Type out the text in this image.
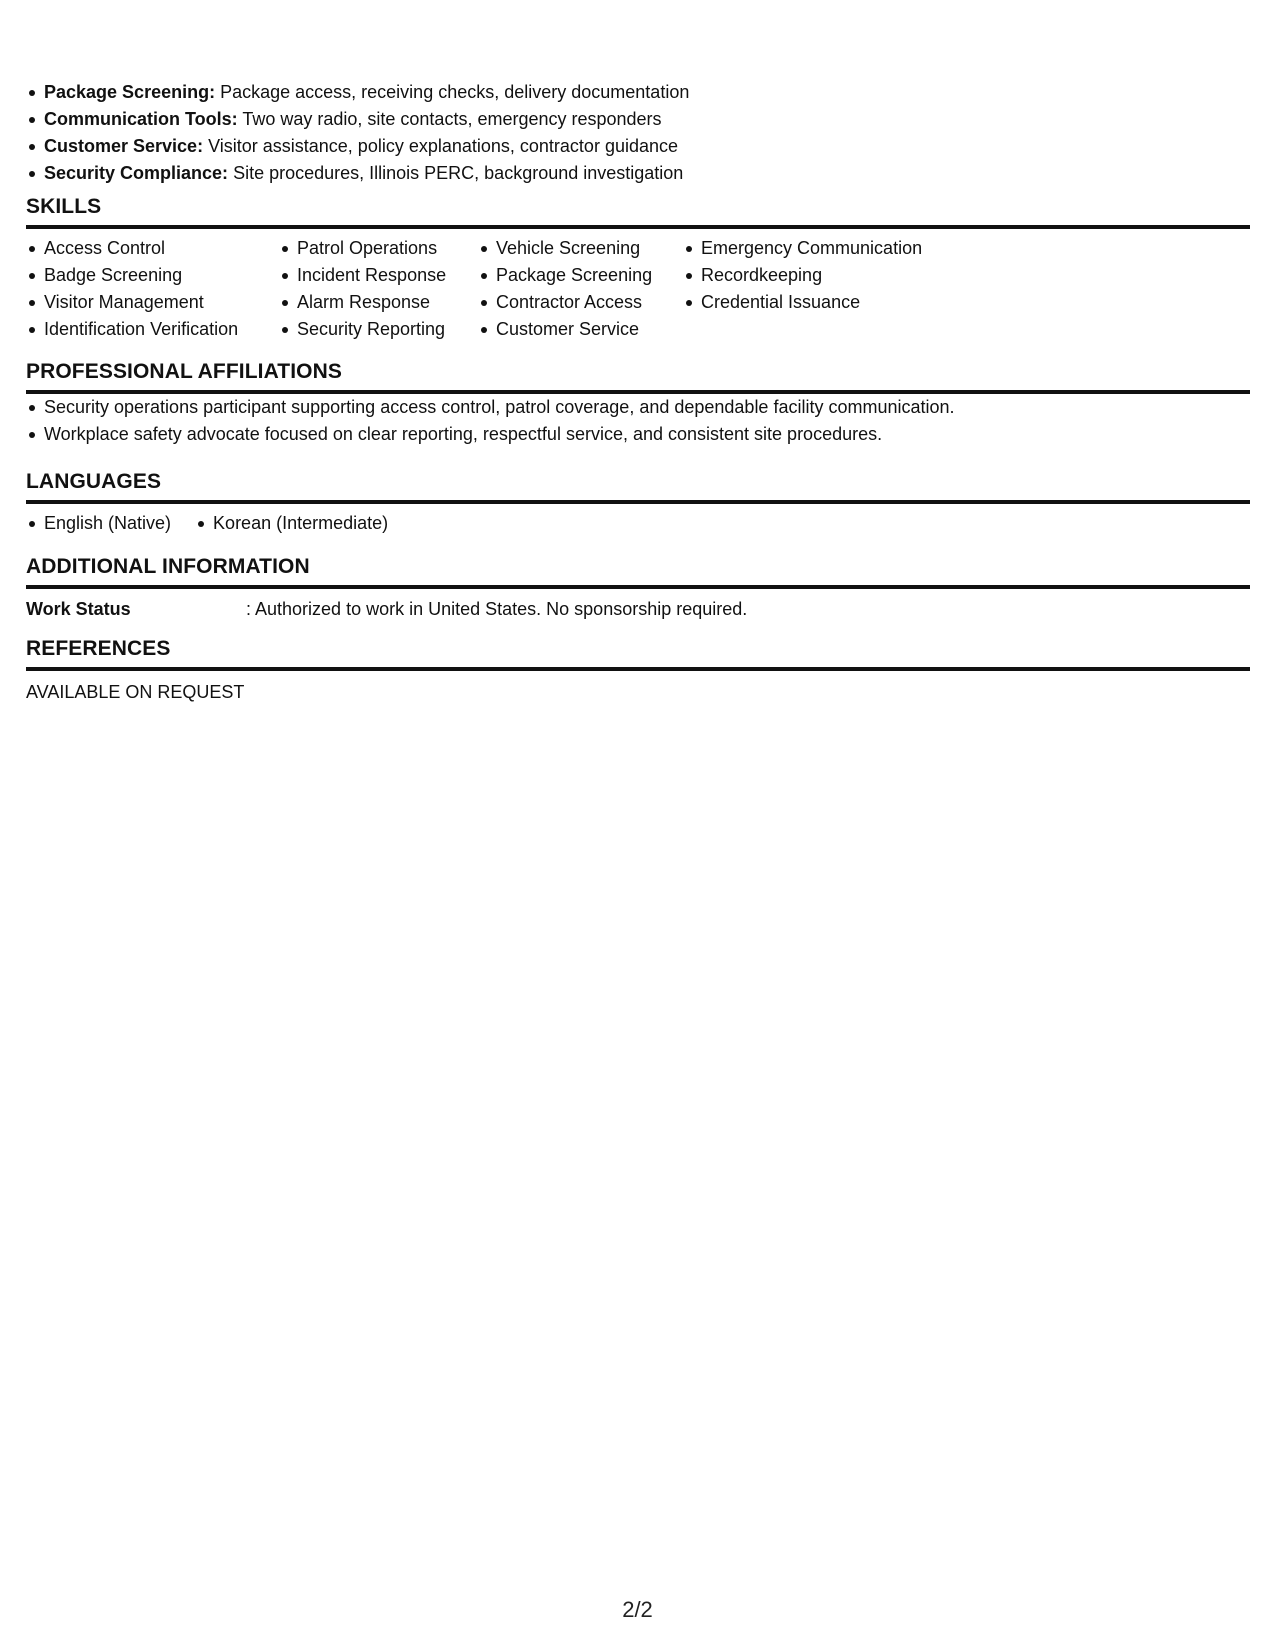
Package Screening: Package access, receiving checks, delivery documentation
Communication Tools: Two way radio, site contacts, emergency responders
Customer Service: Visitor assistance, policy explanations, contractor guidance
Security Compliance: Site procedures, Illinois PERC, background investigation
SKILLS
Access Control
Badge Screening
Visitor Management
Identification Verification
Patrol Operations
Incident Response
Alarm Response
Security Reporting
Vehicle Screening
Package Screening
Contractor Access
Customer Service
Emergency Communication
Recordkeeping
Credential Issuance
PROFESSIONAL AFFILIATIONS
Security operations participant supporting access control, patrol coverage, and dependable facility communication.
Workplace safety advocate focused on clear reporting, respectful service, and consistent site procedures.
LANGUAGES
English (Native)	Korean (Intermediate)
ADDITIONAL INFORMATION
Work Status	: Authorized to work in United States. No sponsorship required.
REFERENCES
AVAILABLE ON REQUEST
2/2
